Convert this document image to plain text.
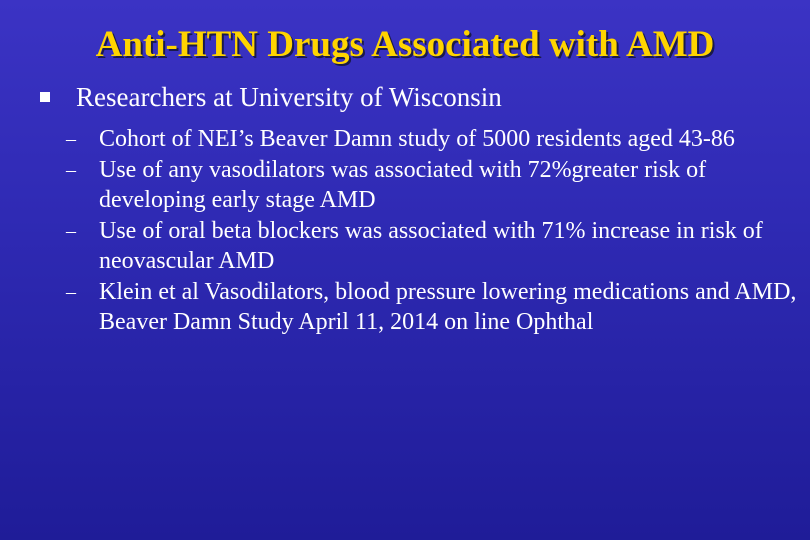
Anti-HTN Drugs Associated with AMD
Researchers at University of Wisconsin
– Cohort of NEI’s Beaver Damn study of 5000 residents aged 43-86
– Use of any vasodilators was associated with 72%greater risk of developing early stage AMD
– Use of oral beta blockers was associated with 71% increase in risk of neovascular AMD
– Klein et al Vasodilators, blood pressure lowering medications and AMD, Beaver Damn Study April 11, 2014 on line Ophthal
